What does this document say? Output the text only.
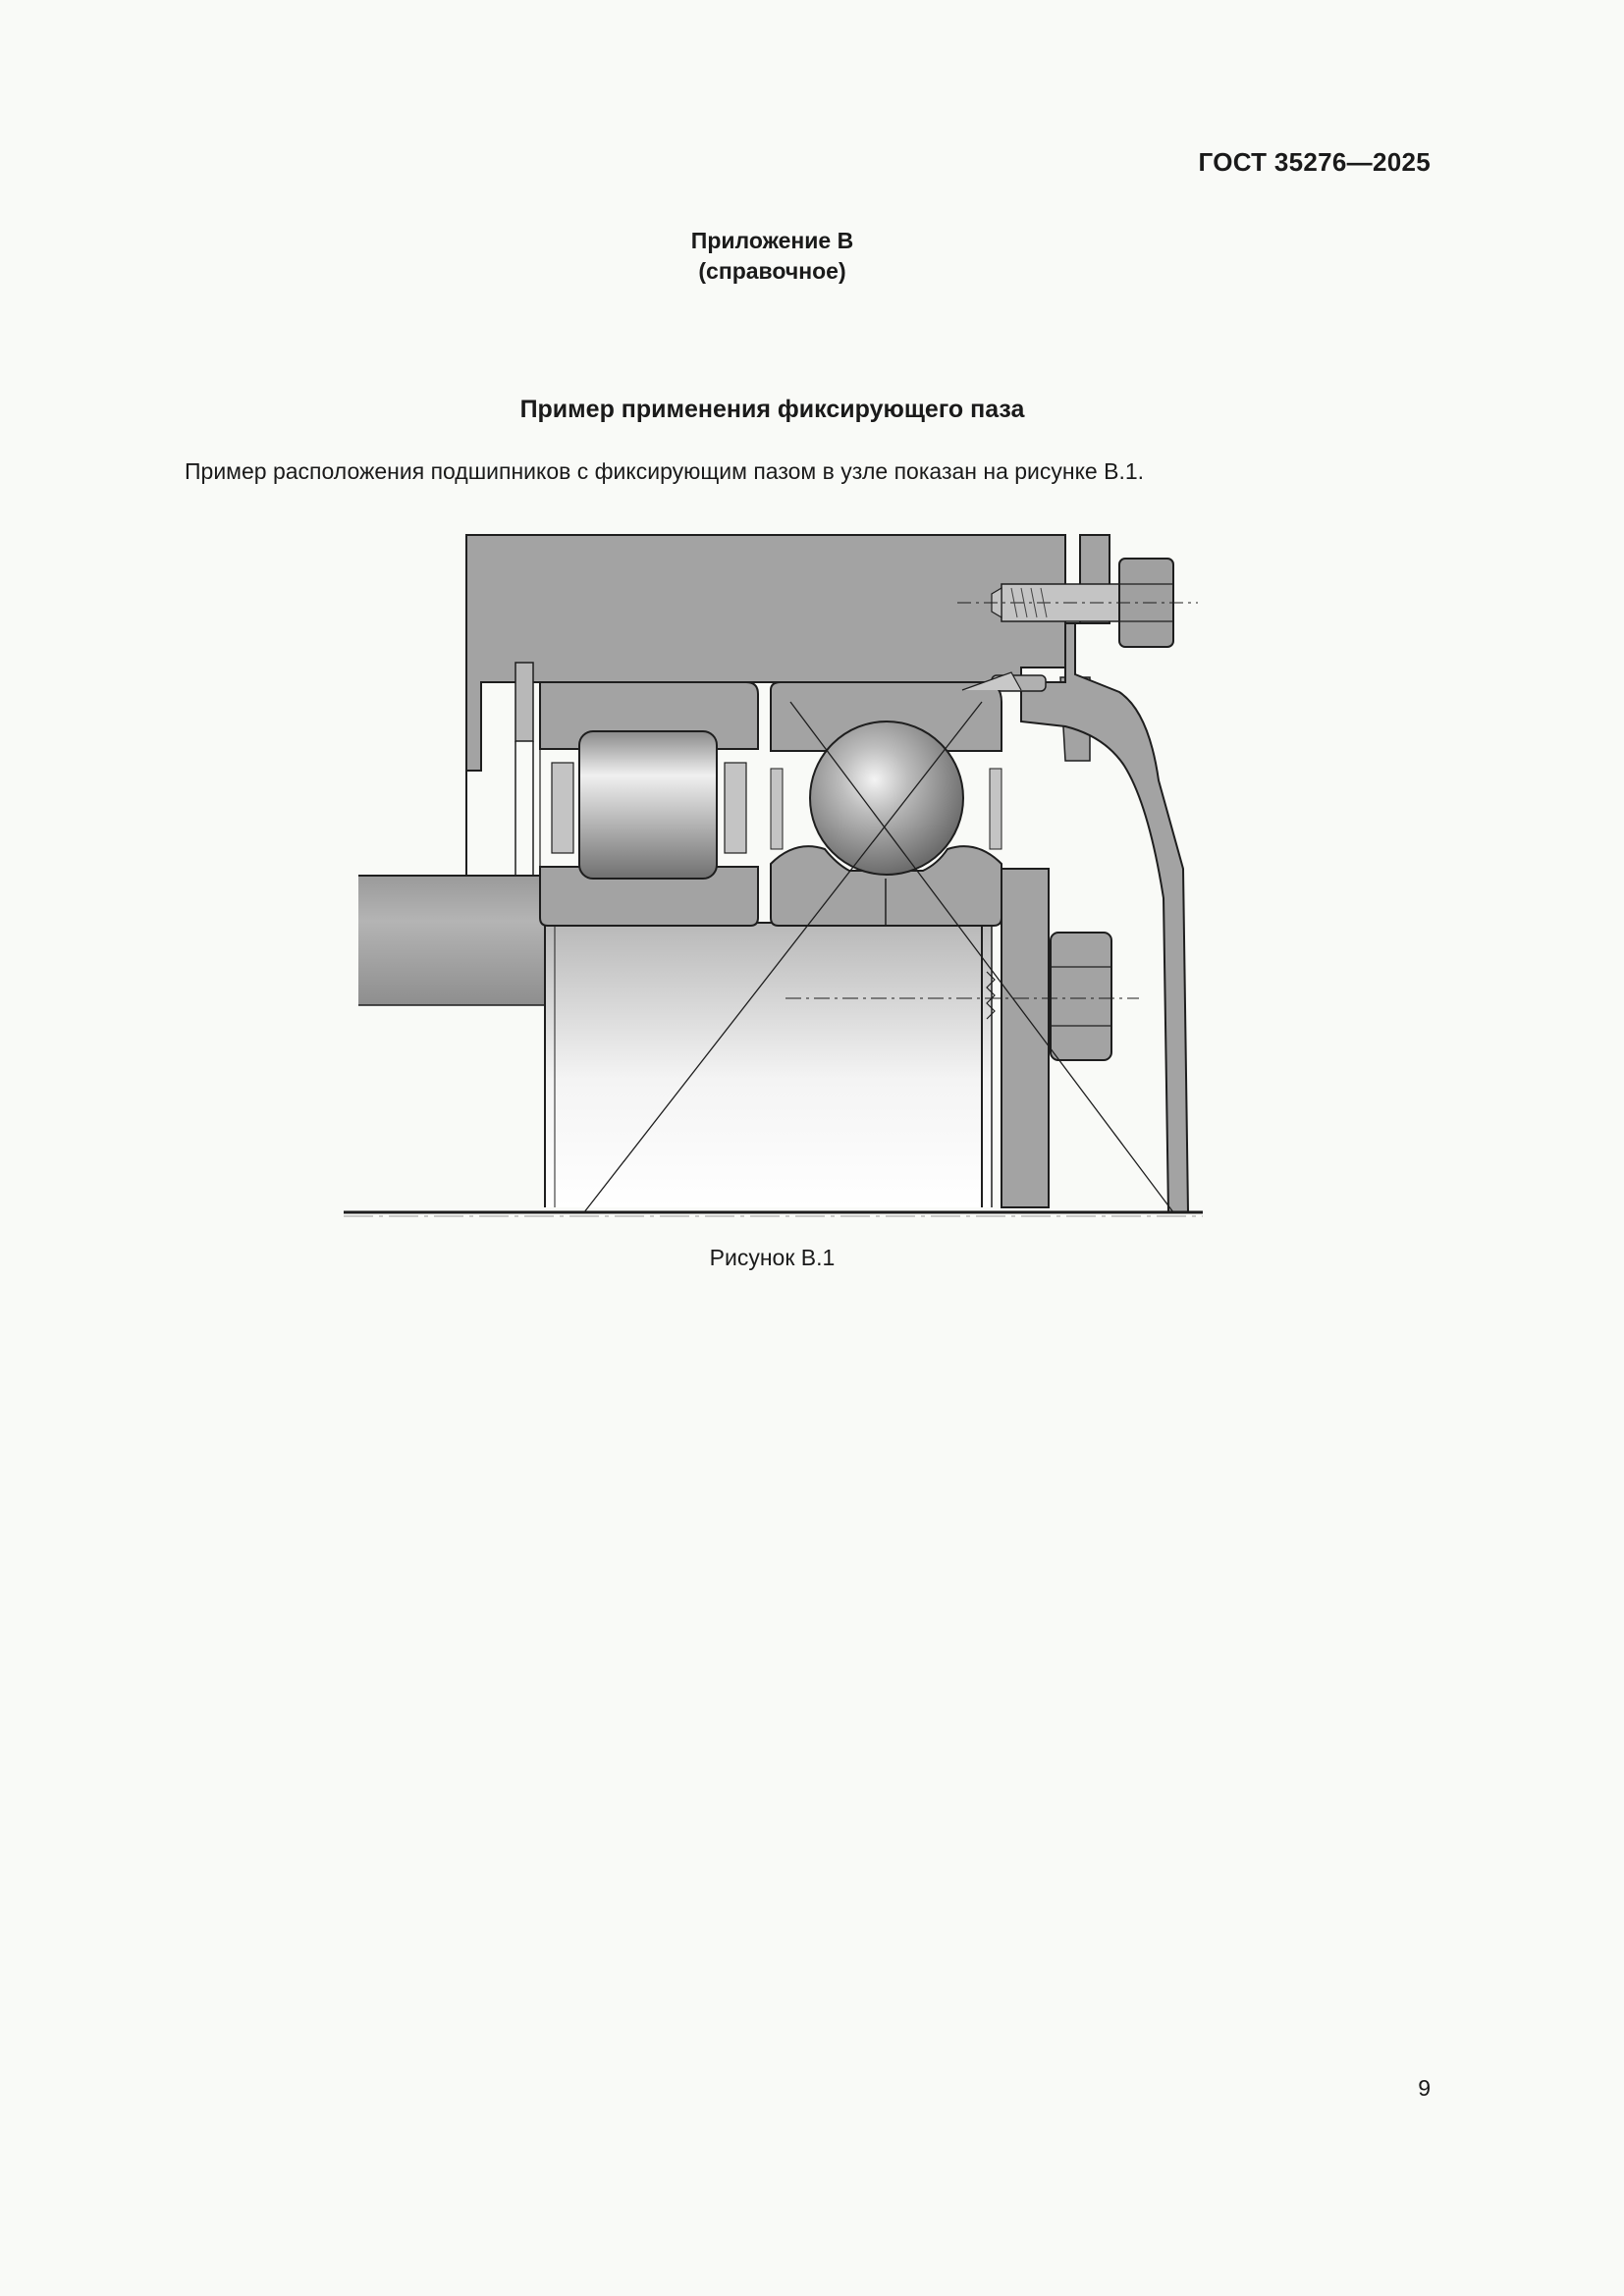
ГОСТ 35276—2025
Приложение В
(справочное)
Пример применения фиксирующего паза
Пример расположения подшипников с фиксирующим пазом в узле показан на рисунке В.1.
Рисунок В.1
9
